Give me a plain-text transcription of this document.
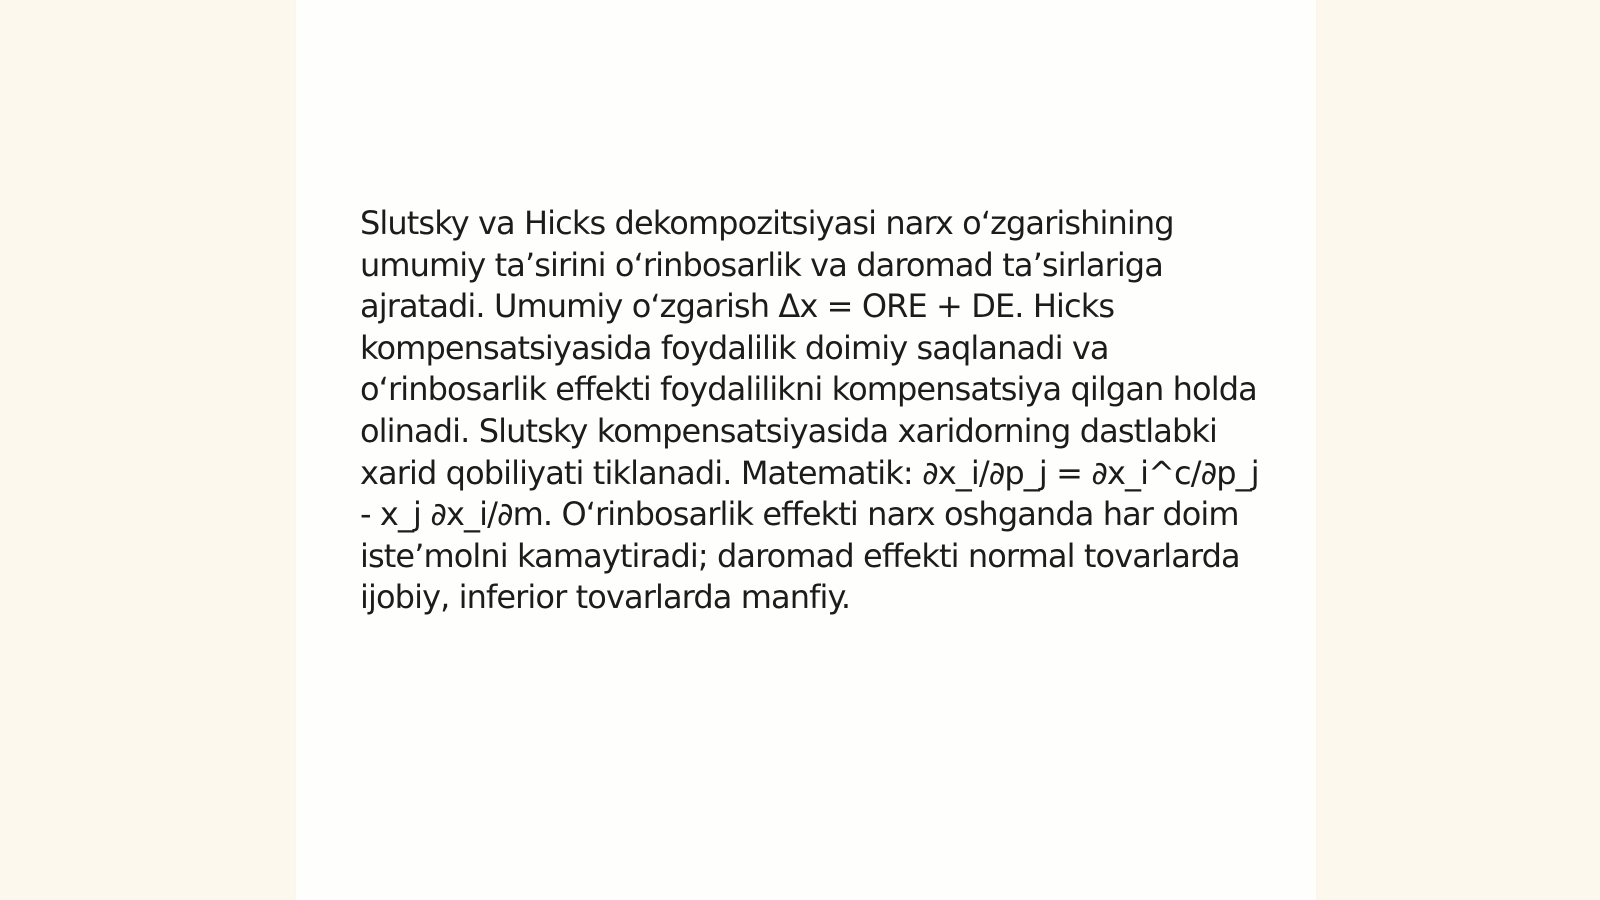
Slutsky va Hicks dekompozitsiyasi narx o‘zgarishining umumiy ta’sirini o‘rinbosarlik va daromad ta’sirlariga ajratadi. Umumiy o‘zgarish Δx = ORE + DE. Hicks kompensatsiyasida foydalilik doimiy saqlanadi va o‘rinbosarlik effekti foydalilikni kompensatsiya qilgan holda olinadi. Slutsky kompensatsiyasida xaridorning dastlabki xarid qobiliyati tiklanadi. Matematik: ∂x_i/∂p_j = ∂x_i^c/∂p_j - x_j ∂x_i/∂m. O‘rinbosarlik effekti narx oshganda har doim iste’molni kamaytiradi; daromad effekti normal tovarlarda ijobiy, inferior tovarlarda manfiy.
